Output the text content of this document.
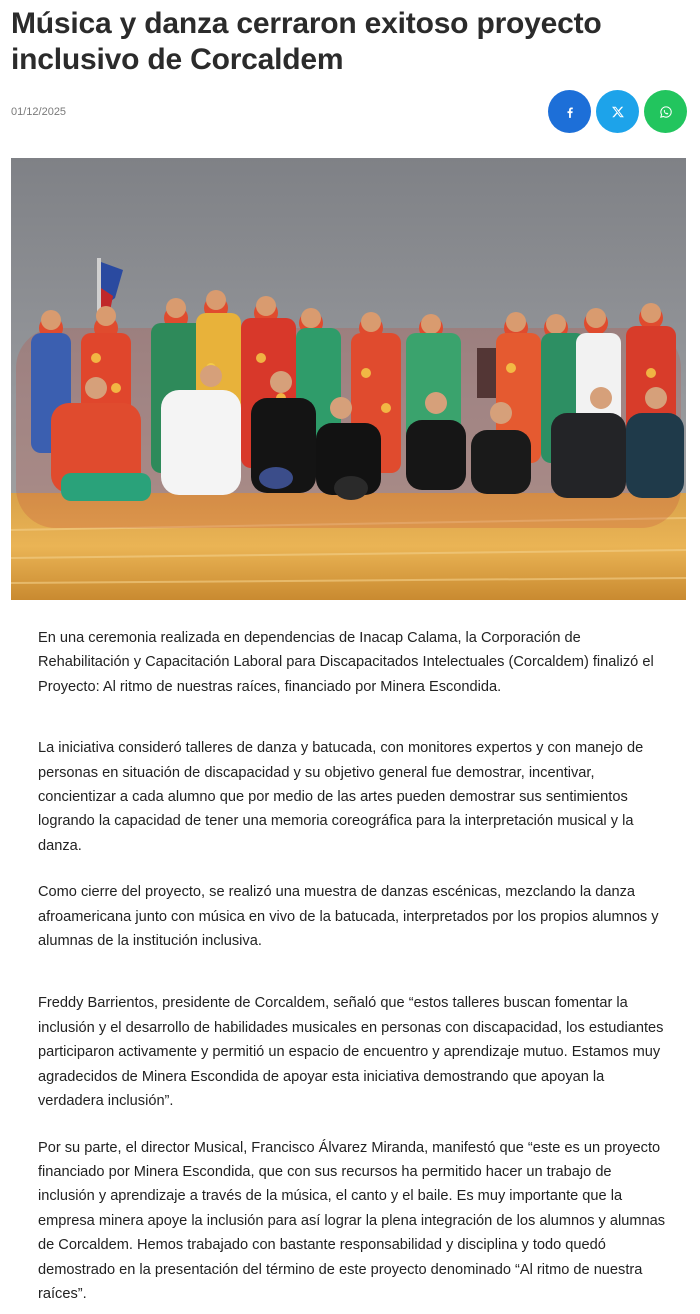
Música y danza cerraron exitoso proyecto inclusivo de Corcaldem
01/12/2025

En una ceremonia realizada en dependencias de Inacap Calama, la Corporación de Rehabilitación y Capacitación Laboral para Discapacitados Intelectuales (Corcaldem) finalizó el Proyecto: Al ritmo de nuestras raíces, financiado por Minera Escondida.

La iniciativa consideró talleres de danza y batucada, con monitores expertos y con manejo de personas en situación de discapacidad y su objetivo general fue demostrar, incentivar, concientizar a cada alumno que por medio de las artes pueden demostrar sus sentimientos logrando la capacidad de tener una memoria coreográfica para la interpretación musical y la danza.

Como cierre del proyecto, se realizó una muestra de danzas escénicas, mezclando la danza afroamericana junto con música en vivo de la batucada, interpretados por los propios alumnos y alumnas de la institución inclusiva.

Freddy Barrientos, presidente de Corcaldem, señaló que “estos talleres buscan fomentar la inclusión y el desarrollo de habilidades musicales en personas con discapacidad, los estudiantes participaron activamente y permitió un espacio de encuentro y aprendizaje mutuo. Estamos muy agradecidos de Minera Escondida de apoyar esta iniciativa demostrando que apoyan la verdadera inclusión”.

Por su parte, el director Musical, Francisco Álvarez Miranda, manifestó que “este es un proyecto financiado por Minera Escondida, que con sus recursos ha permitido hacer un trabajo de inclusión y aprendizaje a través de la música, el canto y el baile. Es muy importante que la empresa minera apoye la inclusión para así lograr la plena integración de los alumnos y alumnas de Corcaldem. Hemos trabajado con bastante responsabilidad y disciplina y todo quedó demostrado en la presentación del término de este proyecto denominado “Al ritmo de nuestra raíces”.
